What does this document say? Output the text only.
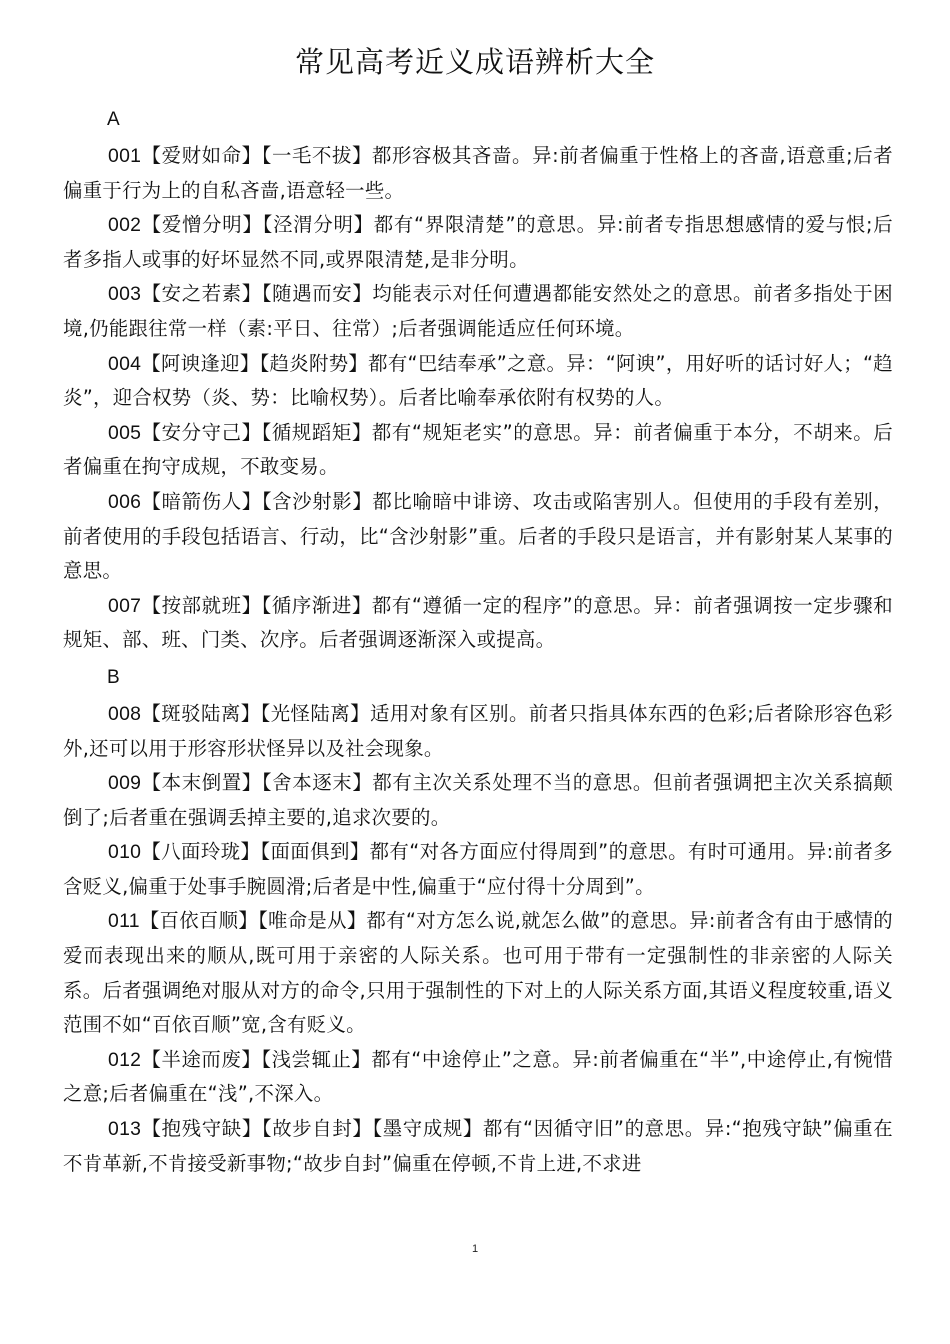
常见高考近义成语辨析大全
A

001【爱财如命】【一毛不拔】都形容极其吝啬。异:前者偏重于性格上的吝啬,语意重;后者偏重于行为上的自私吝啬,语意轻一些。

002【爱憎分明】【泾渭分明】都有“界限清楚”的意思。异:前者专指思想感情的爱与恨;后者多指人或事的好坏显然不同,或界限清楚,是非分明。

003【安之若素】【随遇而安】均能表示对任何遭遇都能安然处之的意思。前者多指处于困境,仍能跟往常一样（素:平日、往常）;后者强调能适应任何环境。

004【阿谀逢迎】【趋炎附势】都有“巴结奉承”之意。异：“阿谀”，用好听的话讨好人；“趋炎”，迎合权势（炎、势：比喻权势）。后者比喻奉承依附有权势的人。

005【安分守己】【循规蹈矩】都有“规矩老实”的意思。异：前者偏重于本分，不胡来。后者偏重在拘守成规，不敢变易。

006【暗箭伤人】【含沙射影】都比喻暗中诽谤、攻击或陷害别人。但使用的手段有差别，前者使用的手段包括语言、行动，比“含沙射影”重。后者的手段只是语言，并有影射某人某事的意思。

007【按部就班】【循序渐进】都有“遵循一定的程序”的意思。异：前者强调按一定步骤和规矩、部、班、门类、次序。后者强调逐渐深入或提高。

B

008【斑驳陆离】【光怪陆离】适用对象有区别。前者只指具体东西的色彩;后者除形容色彩外,还可以用于形容形状怪异以及社会现象。

009【本末倒置】【舍本逐末】都有主次关系处理不当的意思。但前者强调把主次关系搞颠倒了;后者重在强调丢掉主要的,追求次要的。

010【八面玲珑】【面面俱到】都有“对各方面应付得周到”的意思。有时可通用。异:前者多含贬义,偏重于处事手腕圆滑;后者是中性,偏重于“应付得十分周到”。

011【百依百顺】【唯命是从】都有“对方怎么说,就怎么做”的意思。异:前者含有由于感情的爱而表现出来的顺从,既可用于亲密的人际关系。也可用于带有一定强制性的非亲密的人际关系。后者强调绝对服从对方的命令,只用于强制性的下对上的人际关系方面,其语义程度较重,语义范围不如“百依百顺”宽,含有贬义。

012【半途而废】【浅尝辄止】都有“中途停止”之意。异:前者偏重在“半”,中途停止,有惋惜之意;后者偏重在“浅”,不深入。

013【抱残守缺】【故步自封】【墨守成规】都有“因循守旧”的意思。异:“抱残守缺”偏重在不肯革新,不肯接受新事物;“故步自封”偏重在停顿,不肯上进,不求进

1
